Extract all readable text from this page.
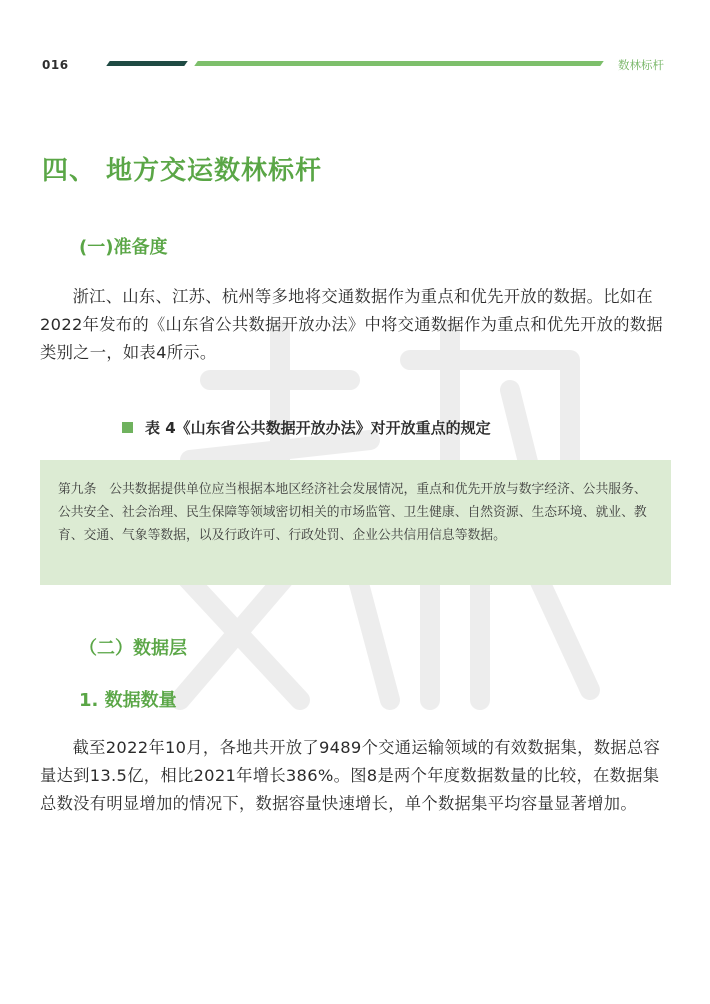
016	数林标杆
四、 地方交运数林标杆
(一)准备度

浙江、山东、江苏、杭州等多地将交通数据作为重点和优先开放的数据。比如在2022年发布的《山东省公共数据开放办法》中将交通数据作为重点和优先开放的数据类别之一，如表4所示。

表 4《山东省公共数据开放办法》对开放重点的规定
第九条　公共数据提供单位应当根据本地区经济社会发展情况，重点和优先开放与数字经济、公共服务、公共安全、社会治理、民生保障等领域密切相关的市场监管、卫生健康、自然资源、生态环境、就业、教育、交通、气象等数据，以及行政许可、行政处罚、企业公共信用信息等数据。
（二）数据层
1. 数据数量

截至2022年10月，各地共开放了9489个交通运输领域的有效数据集，数据总容量达到13.5亿，相比2021年增长386%。图8是两个年度数据数量的比较，在数据集总数没有明显增加的情况下，数据容量快速增长，单个数据集平均容量显著增加。
